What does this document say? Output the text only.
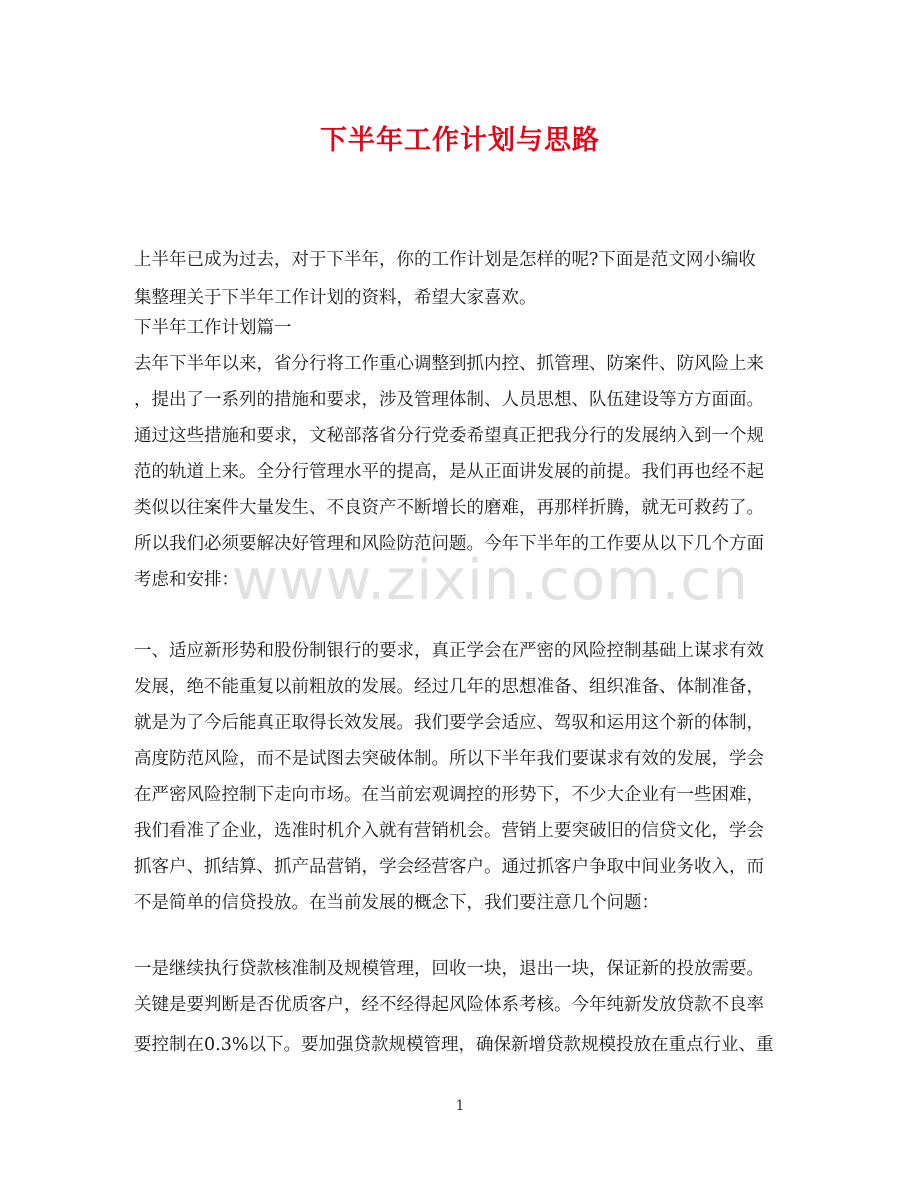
下半年工作计划与思路
上半年已成为过去，对于下半年，你的工作计划是怎样的呢?下面是范文网小编收
集整理关于下半年工作计划的资料，希望大家喜欢。
下半年工作计划篇一
去年下半年以来，省分行将工作重心调整到抓内控、抓管理、防案件、防风险上来
，提出了一系列的措施和要求，涉及管理体制、人员思想、队伍建设等方方面面。
通过这些措施和要求，文秘部落省分行党委希望真正把我分行的发展纳入到一个规
范的轨道上来。全分行管理水平的提高，是从正面讲发展的前提。我们再也经不起
类似以往案件大量发生、不良资产不断增长的磨难，再那样折腾，就无可救药了。
所以我们必须要解决好管理和风险防范问题。今年下半年的工作要从以下几个方面
考虑和安排：
一、适应新形势和股份制银行的要求，真正学会在严密的风险控制基础上谋求有效
发展，绝不能重复以前粗放的发展。经过几年的思想准备、组织准备、体制准备，
就是为了今后能真正取得长效发展。我们要学会适应、驾驭和运用这个新的体制，
高度防范风险，而不是试图去突破体制。所以下半年我们要谋求有效的发展，学会
在严密风险控制下走向市场。在当前宏观调控的形势下，不少大企业有一些困难，
我们看准了企业，选准时机介入就有营销机会。营销上要突破旧的信贷文化，学会
抓客户、抓结算、抓产品营销，学会经营客户。通过抓客户争取中间业务收入，而
不是简单的信贷投放。在当前发展的概念下，我们要注意几个问题：
一是继续执行贷款核准制及规模管理，回收一块，退出一块，保证新的投放需要。
关键是要判断是否优质客户，经不经得起风险体系考核。今年纯新发放贷款不良率
要控制在0.3%以下。要加强贷款规模管理，确保新增贷款规模投放在重点行业、重
www.zixin.com.cn
1
